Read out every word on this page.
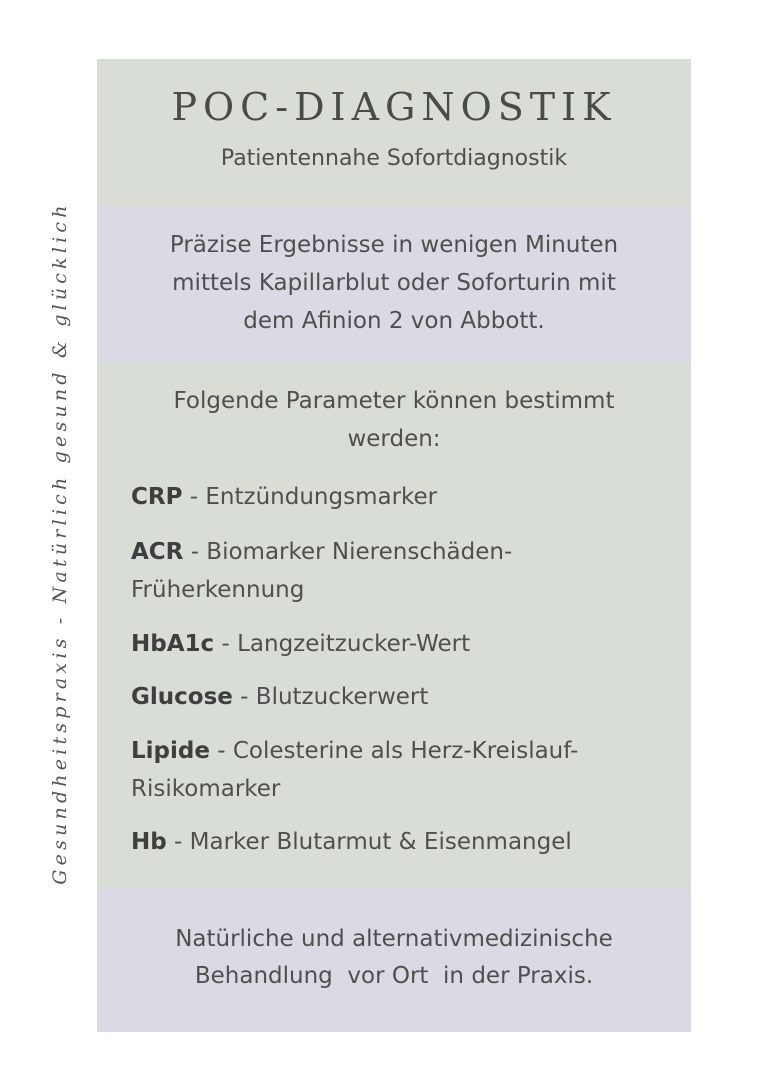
Gesundheitspraxis - Natürlich gesund & glücklich
POC-DIAGNOSTIK
Patientennahe Sofortdiagnostik
Präzise Ergebnisse in wenigen Minuten
mittels Kapillarblut oder Soforturin mit
dem Afinion 2 von Abbott.
Folgende Parameter können bestimmt
werden:
CRP - Entzündungsmarker
ACR - Biomarker Nierenschäden-
Früherkennung
HbA1c - Langzeitzucker-Wert
Glucose - Blutzuckerwert
Lipide - Colesterine als Herz-Kreislauf-
Risikomarker
Hb - Marker Blutarmut & Eisenmangel
Natürliche und alternativmedizinische
Behandlung  vor Ort  in der Praxis.
